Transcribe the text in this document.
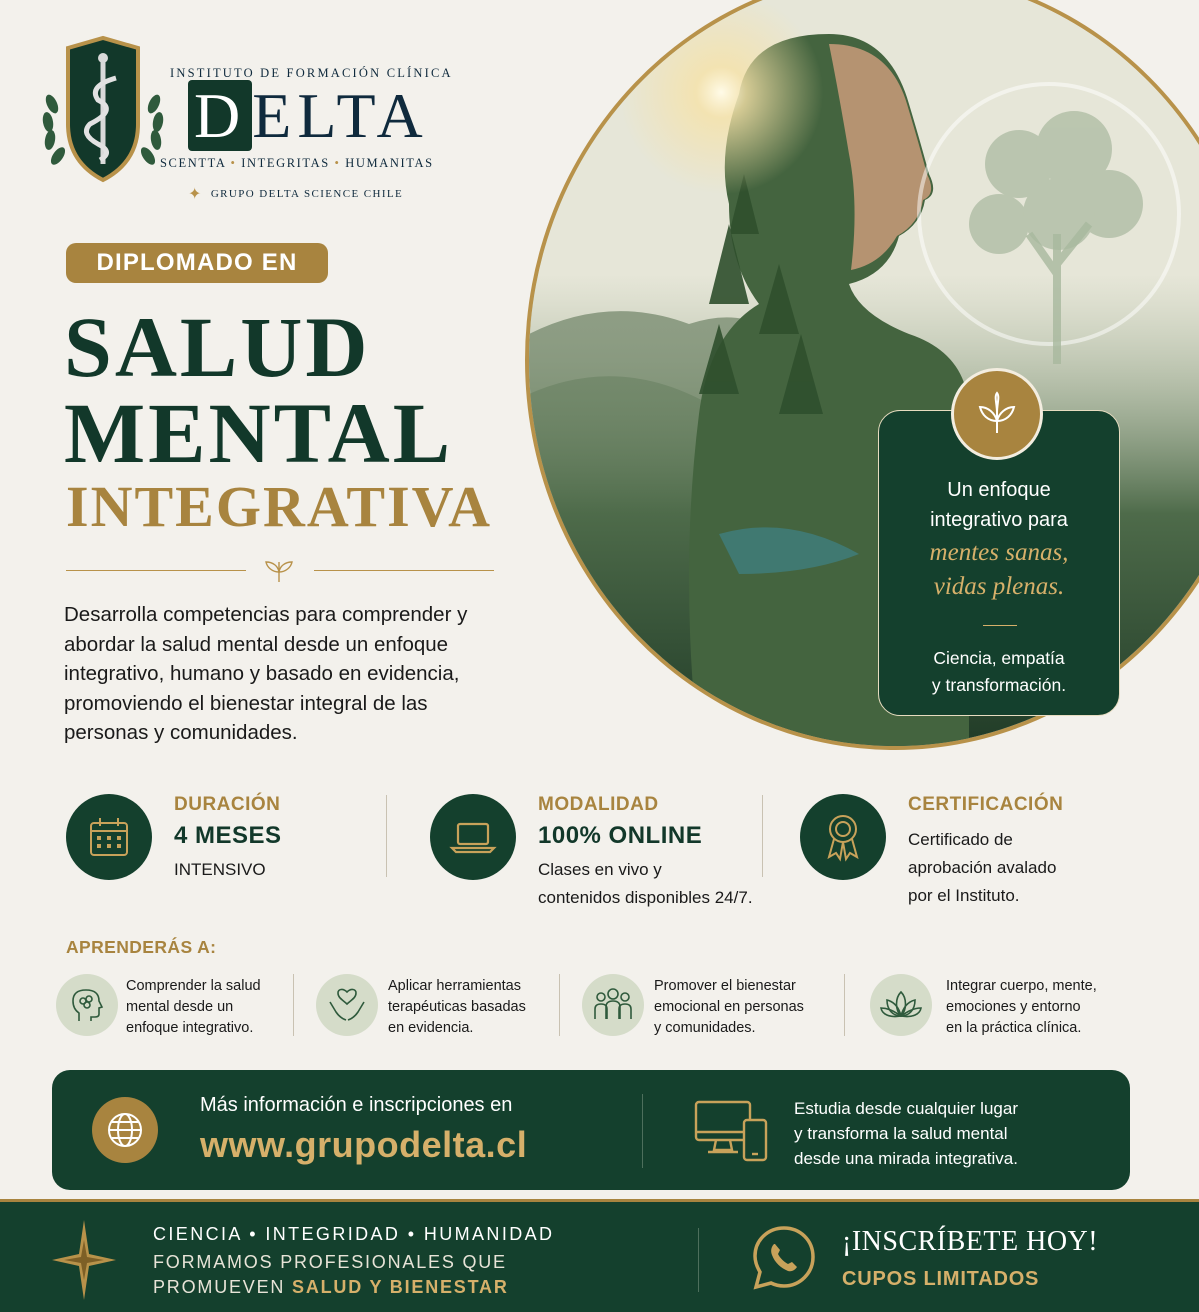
INSTITUTO DE FORMACIÓN CLÍNICA
DELTA
SCENTTA • INTEGRITAS • HUMANITAS
✦ GRUPO DELTA SCIENCE CHILE
DIPLOMADO EN
SALUD
MENTAL
INTEGRATIVA

Desarrolla competencias para comprender y abordar la salud mental desde un enfoque integrativo, humano y basado en evidencia, promoviendo el bienestar integral de las personas y comunidades.

Un enfoque
integrativo para
mentes sanas,
vidas plenas.
Ciencia, empatía
y transformación.
DURACIÓN
4 MESES
INTENSIVO
MODALIDAD
100% ONLINE
Clases en vivo y
contenidos disponibles 24/7.
CERTIFICACIÓN
Certificado de
aprobación avalado
por el Instituto.
APRENDERÁS A:
Comprender la salud
mental desde un
enfoque integrativo.
Aplicar herramientas
terapéuticas basadas
en evidencia.
Promover el bienestar
emocional en personas
y comunidades.
Integrar cuerpo, mente,
emociones y entorno
en la práctica clínica.
Más información e inscripciones en
www.grupodelta.cl
Estudia desde cualquier lugar
y transforma la salud mental
desde una mirada integrativa.
CIENCIA • INTEGRIDAD • HUMANIDAD
FORMAMOS PROFESIONALES QUE
PROMUEVEN SALUD Y BIENESTAR
¡INSCRÍBETE HOY!
CUPOS LIMITADOS
